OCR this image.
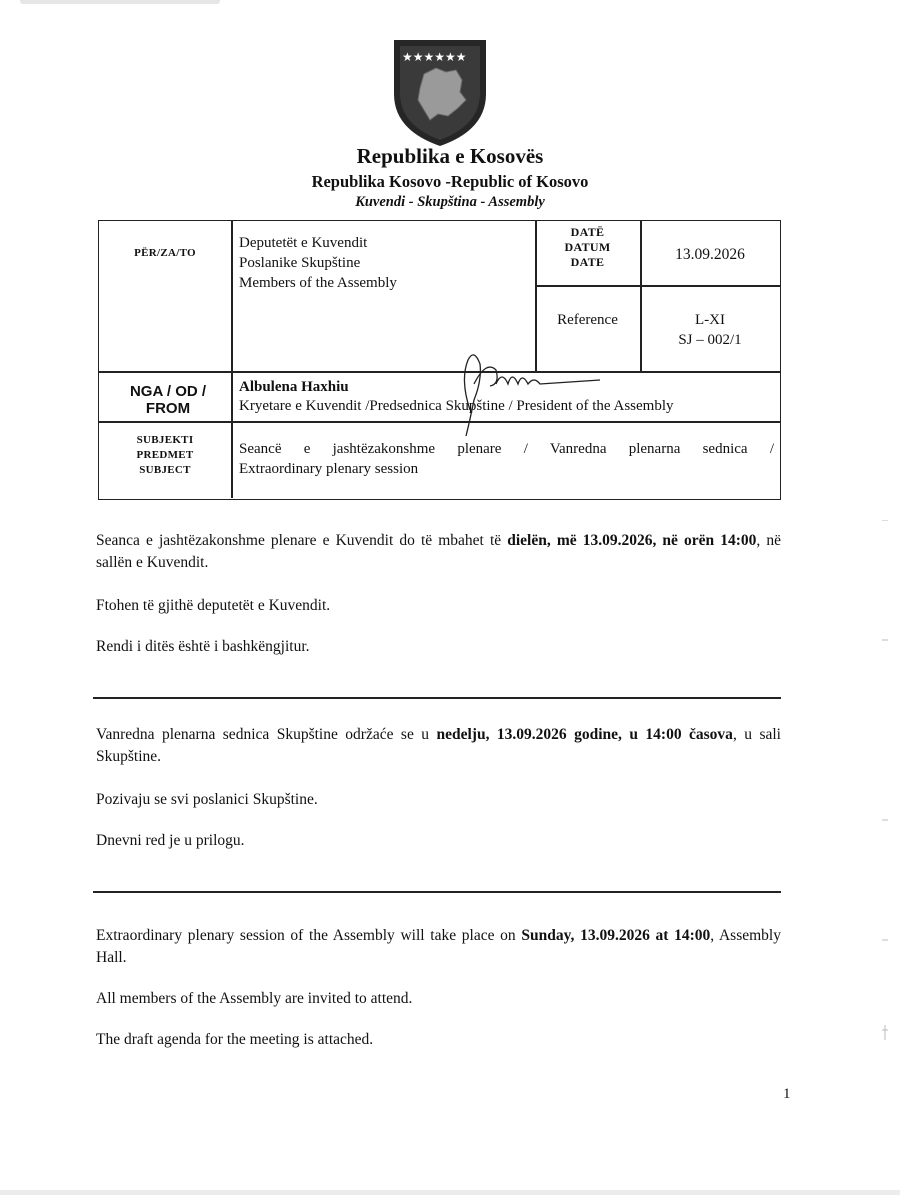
★★★★★★
Republika e Kosovës
Republika Kosovo -Republic of Kosovo
Kuvendi - Skupština - Assembly
PËR/ZA/TO
Deputetët e Kuvendit
Poslanike Skupštine
Members of the Assembly
DATË
DATUM
DATE	13.09.2026
Reference	L-XI
SJ – 002/1
NGA / OD / FROM
Albulena Haxhiu
Kryetare e Kuvendit /Predsednica Skupštine / President of the Assembly
SUBJEKTI
PREDMET
SUBJECT
Seancë e jashtëzakonshme plenare / Vanredna plenarna sednica /
Extraordinary plenary session
Seanca e jashtëzakonshme plenare e Kuvendit do të mbahet të dielën, më 13.09.2026, në orën 14:00, në sallën e Kuvendit.
Ftohen të gjithë deputetët e Kuvendit.
Rendi i ditës është i bashkëngjitur.
Vanredna plenarna sednica Skupštine održaće se u nedelju, 13.09.2026 godine, u 14:00 časova, u sali Skupštine.
Pozivaju se svi poslanici Skupštine.
Dnevni red je u prilogu.
Extraordinary plenary session of the Assembly will take place on Sunday, 13.09.2026 at 14:00, Assembly Hall.
All members of the Assembly are invited to attend.
The draft agenda for the meeting is attached.
1
